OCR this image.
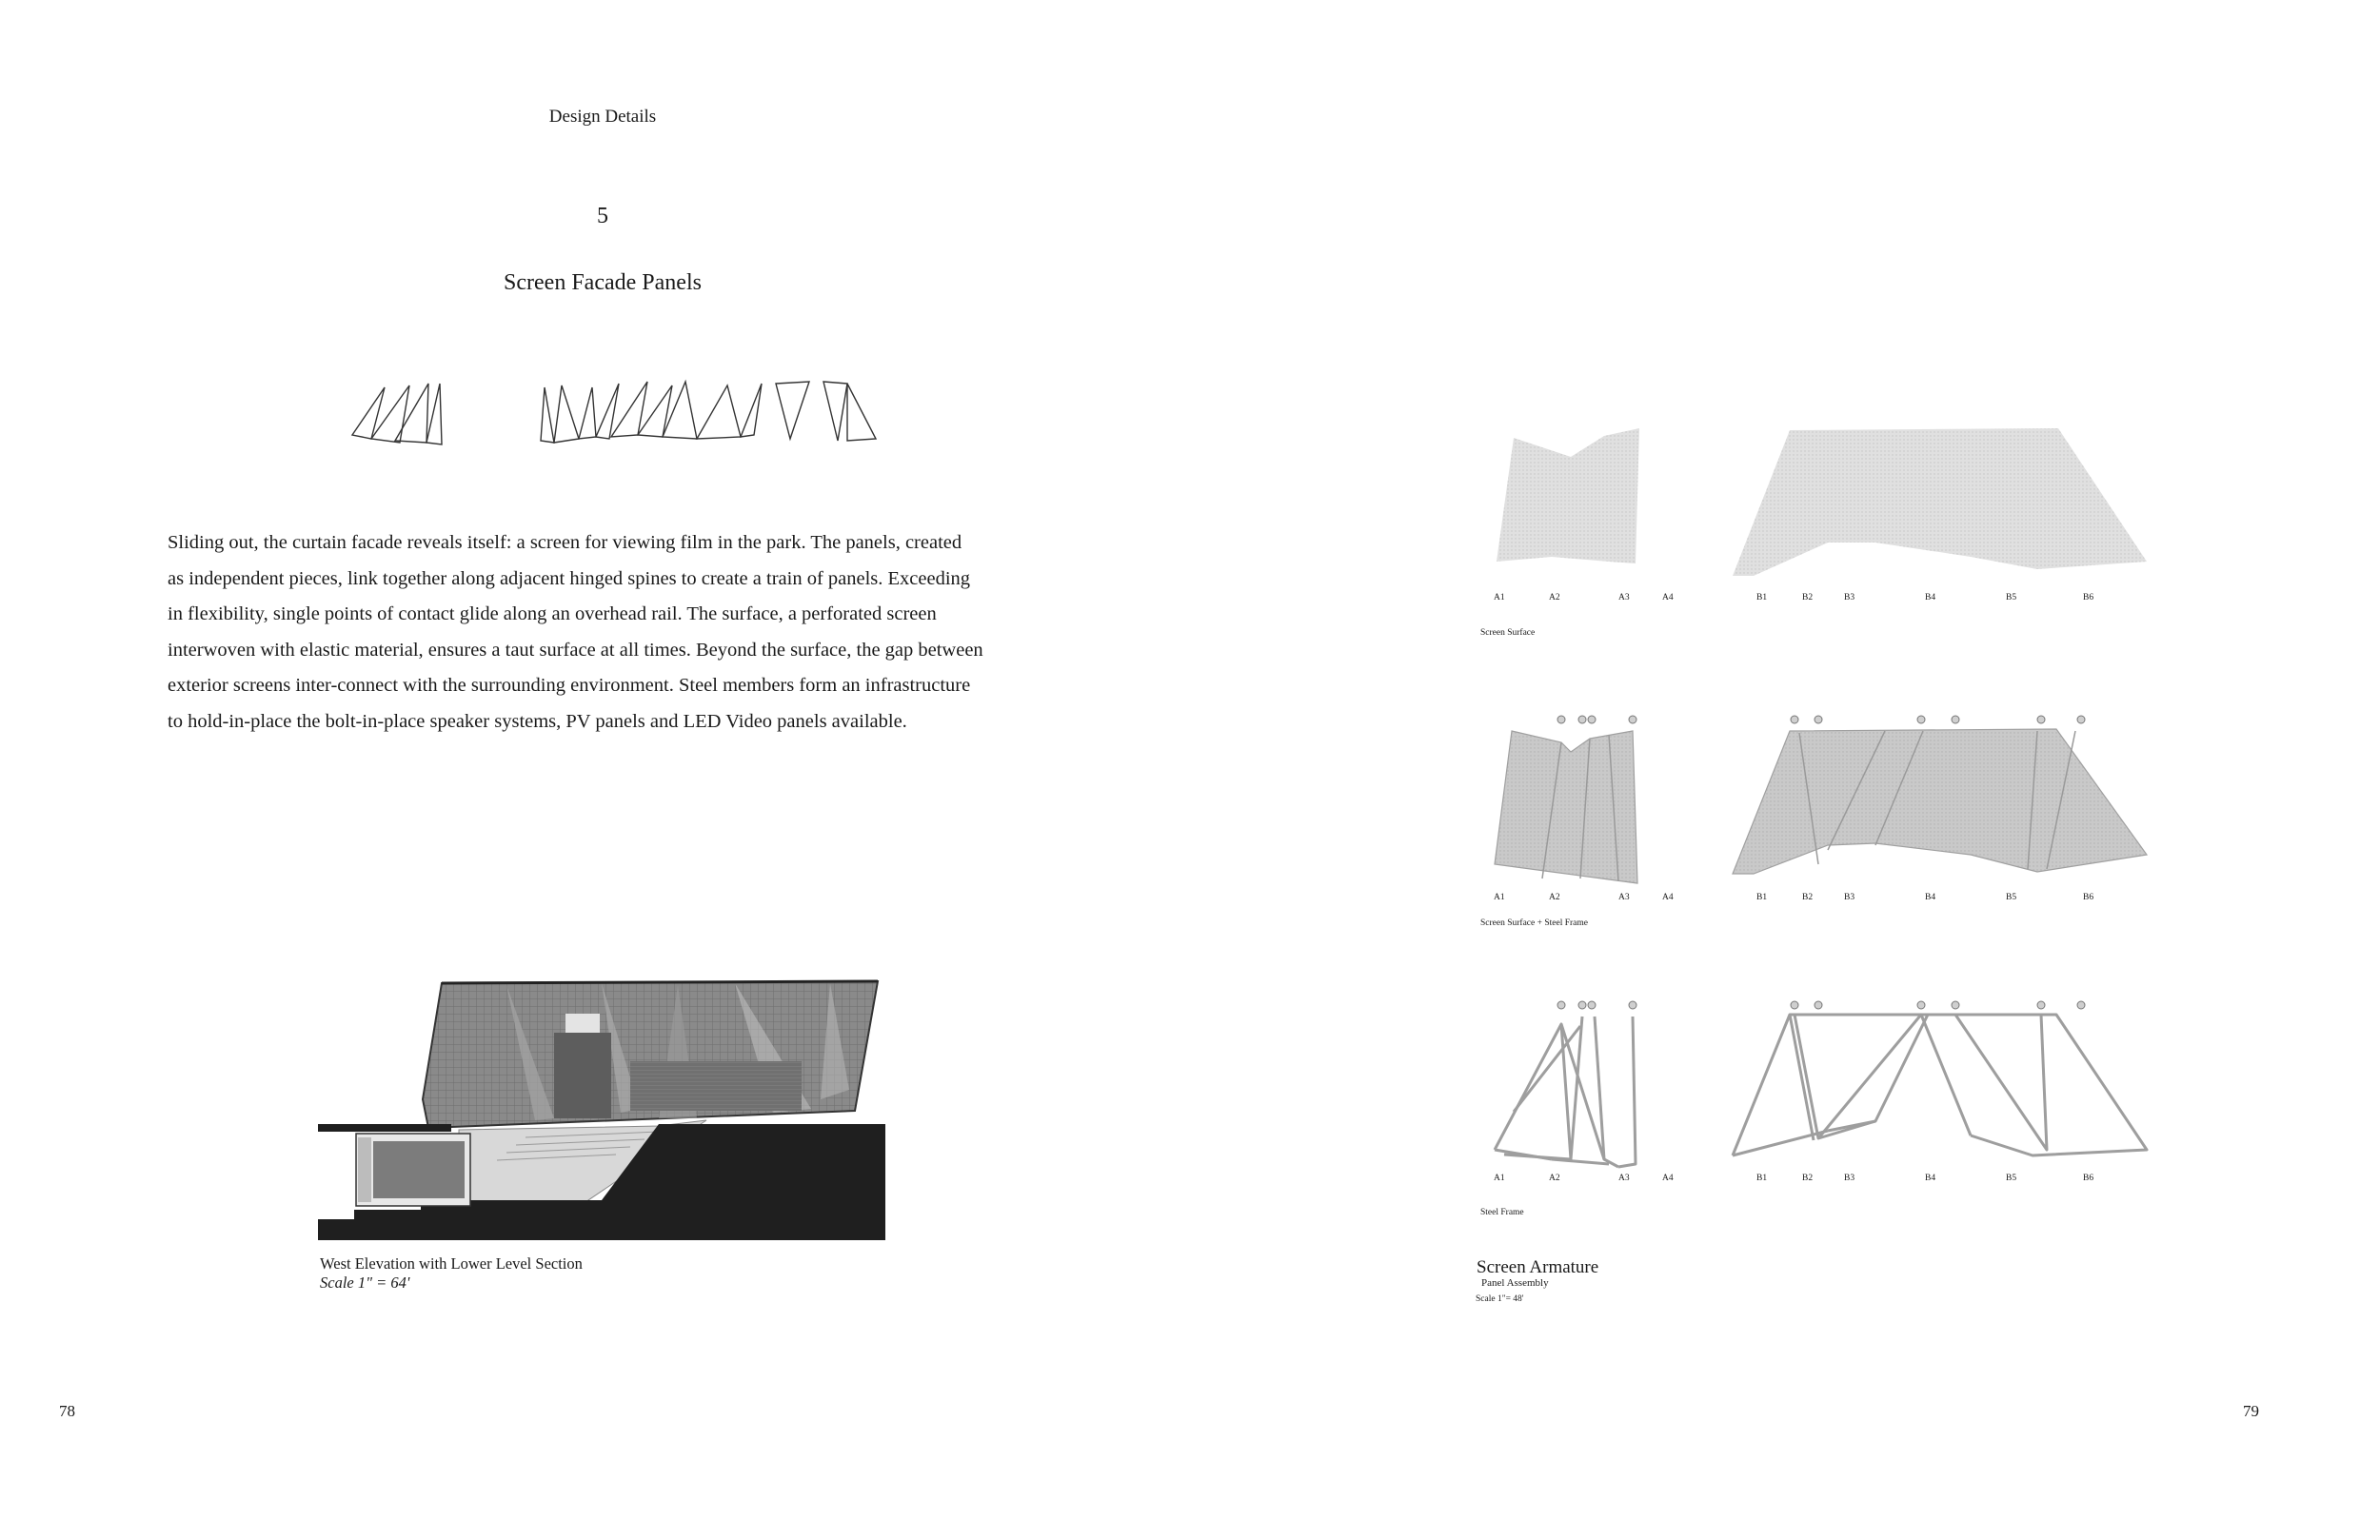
Design Details
5
Screen Facade Panels
Sliding out, the curtain facade reveals itself: a screen for viewing film in the park. The panels, created
as independent pieces, link together along adjacent hinged spines to create a train of panels. Exceeding
in flexibility, single points of contact glide along an overhead rail. The surface, a perforated screen
interwoven with elastic material, ensures a taut surface at all times. Beyond the surface, the gap between
exterior screens inter-connect with the surrounding environment. Steel members form an infrastructure
to hold-in-place the bolt-in-place speaker systems, PV panels and LED Video panels available.
West Elevation with Lower Level Section
Scale 1" = 64'
78
A1	A2	A3	A4	B1	B2	B3	B4	B5	B6
Screen Surface
A1	A2	A3	A4	B1	B2	B3	B4	B5	B6
Screen Surface + Steel Frame
A1	A2	A3	A4	B1	B2	B3	B4	B5	B6
Steel Frame
Screen Armature
Panel Assembly
Scale 1"= 48'
79
